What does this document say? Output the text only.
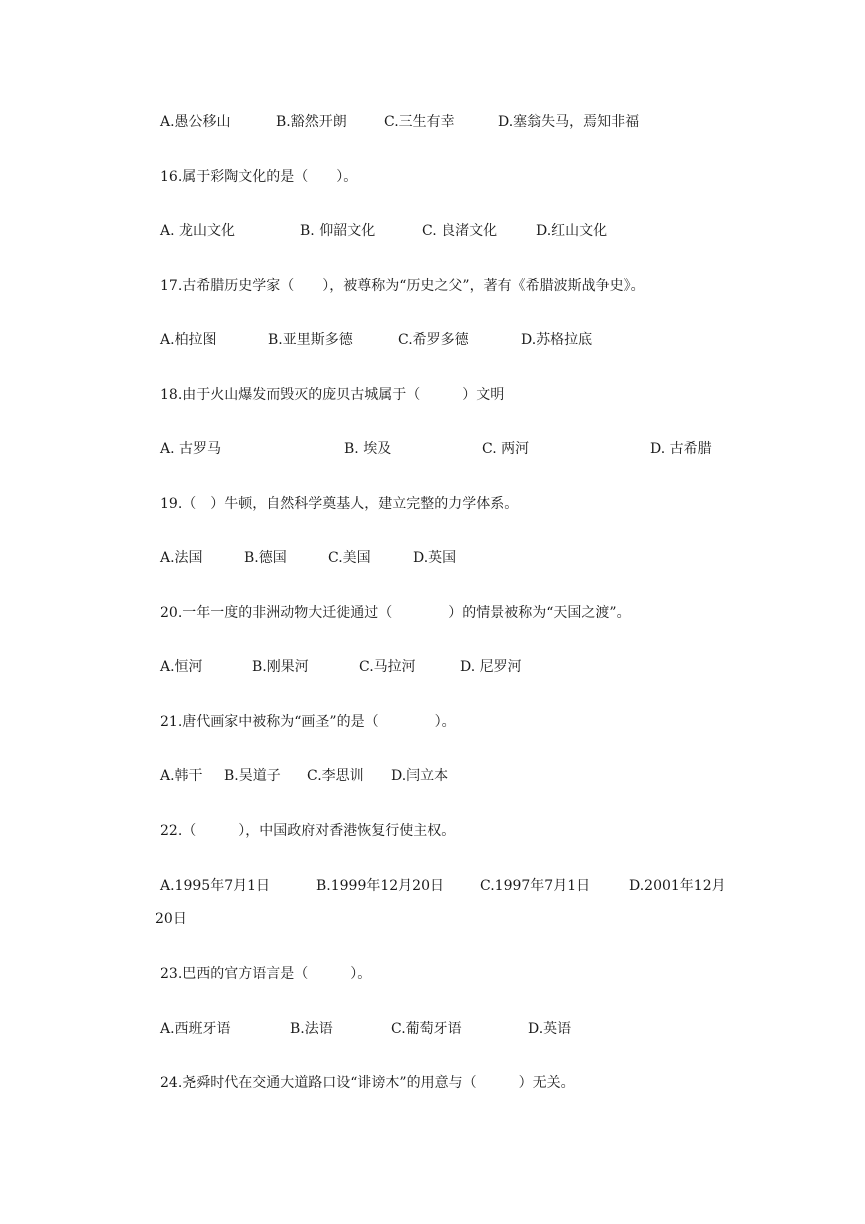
A.愚公移山	B.豁然开朗	C.三生有幸	D.塞翁失马，焉知非福
16.属于彩陶文化的是（　　）。
A. 龙山文化	B. 仰韶文化	C. 良渚文化	D.红山文化
17.古希腊历史学家（　　），被尊称为“历史之父”，著有《希腊波斯战争史》。
A.柏拉图	B.亚里斯多德	C.希罗多德	D.苏格拉底
18.由于火山爆发而毁灭的庞贝古城属于（　　　）文明
A. 古罗马	B. 埃及	C. 两河	D. 古希腊
19.（　）牛顿，自然科学奠基人，建立完整的力学体系。
A.法国	B.德国	C.美国	D.英国
20.一年一度的非洲动物大迁徙通过（　　　　）的情景被称为“天国之渡”。
A.恒河	B.刚果河	C.马拉河	D. 尼罗河
21.唐代画家中被称为“画圣”的是（　　　　）。
A.韩干 B.吴道子 C.李思训 D.闫立本
22.（　　　），中国政府对香港恢复行使主权。
A.1995年7月1日	B.1999年12月20日	C.1997年7月1日	D.2001年12月
20日
23.巴西的官方语言是（　　　）。
A.西班牙语	B.法语	C.葡萄牙语	D.英语
24.尧舜时代在交通大道路口设“诽谤木”的用意与（　　　）无关。
